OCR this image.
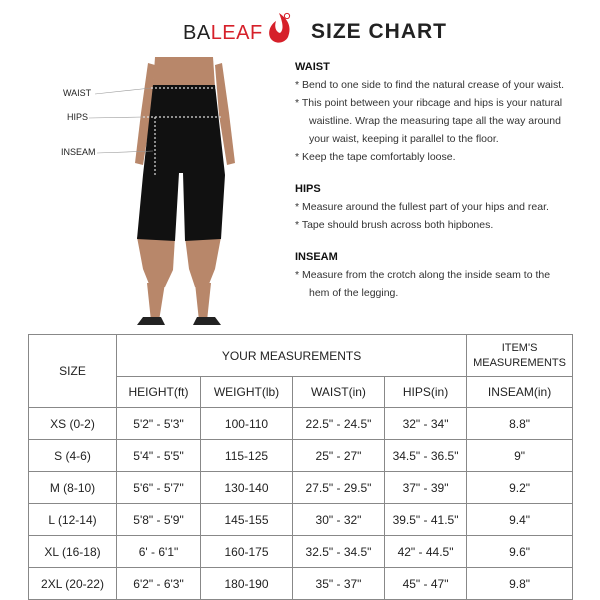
BALEAF SIZE CHART
WAIST
HIPS
INSEAM

WAIST

* Bend to one side to find the natural crease of your waist.

* This point between your ribcage and hips is your natural
waistline. Wrap the measuring tape all the way around
your waist, keeping it parallel to the floor.

* Keep the tape comfortably loose.

HIPS

* Measure around the fullest part of your hips and rear.

* Tape should brush across both hipbones.

INSEAM

* Measure from the crotch along the inside seam to the
hem of the legging.

SIZE	YOUR MEASUREMENTS				ITEM'S
MEASUREMENTS
	HEIGHT(ft)	WEIGHT(lb)	WAIST(in)	HIPS(in)	INSEAM(in)
XS (0-2)	5'2" - 5'3"	100-110	22.5" - 24.5"	32" - 34"	8.8"
S (4-6)	5'4" - 5'5"	115-125	25" - 27"	34.5" - 36.5"	9"
M (8-10)	5'6" - 5'7"	130-140	27.5" - 29.5"	37" - 39"	9.2"
L (12-14)	5'8" - 5'9"	145-155	30" - 32"	39.5" - 41.5"	9.4"
XL (16-18)	6' - 6'1"	160-175	32.5" - 34.5"	42" - 44.5"	9.6"
2XL (20-22)	6'2" - 6'3"	180-190	35" - 37"	45" - 47"	9.8"
